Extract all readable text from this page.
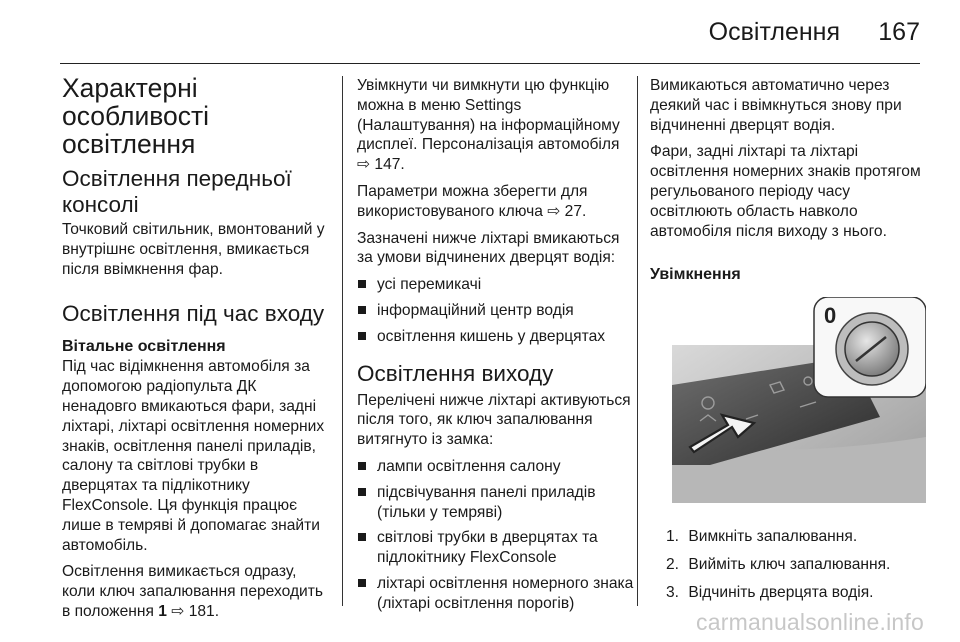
Освітлення 167
Характерні
особливості
освітлення
Освітлення передньої
консолі

Точковий світильник, вмонтований у внутрішнє освітлення, вмикається після ввімкнення фар.

Освітлення під час входу
Вітальне освітлення

Під час відімкнення автомобіля за допомогою радіопульта ДК ненадовго вмикаються фари, задні ліхтарі, ліхтарі освітлення номерних знаків, освітлення панелі приладів, салону та світлові трубки в дверцятах та підлікотнику FlexConsole. Ця функція працює лише в темряві й допомагає знайти автомобіль.

Освітлення вимикається одразу, коли ключ запалювання переходить в положення 1 ⇨ 181.

Увімкнути чи вимкнути цю функцію можна в меню Settings (Налаштування) на інформаційному дисплеї. Персоналізація автомобіля ⇨ 147.

Параметри можна зберегти для використовуваного ключа ⇨ 27.

Зазначені нижче ліхтарі вмикаються за умови відчинених дверцят водія:

усі перемикачі
інформаційний центр водія
освітлення кишень у дверцятах
Освітлення виходу

Перелічені нижче ліхтарі активуються після того, як ключ запалювання витягнуто із замка:

лампи освітлення салону
підсвічування панелі приладів (тільки у темряві)
світлові трубки в дверцятах та підлокітнику FlexConsole
ліхтарі освітлення номерного знака (ліхтарі освітлення порогів)

Вимикаються автоматично через деякий час і ввімкнуться знову при відчиненні дверцят водія.

Фари, задні ліхтарі та ліхтарі освітлення номерних знаків протягом регульованого періоду часу освітлюють область навколо автомобіля після виходу з нього.

Увімкнення
0
1. Вимкніть запалювання.
2. Вийміть ключ запалювання.
3. Відчиніть дверцята водія.
carmanualsonline.info
